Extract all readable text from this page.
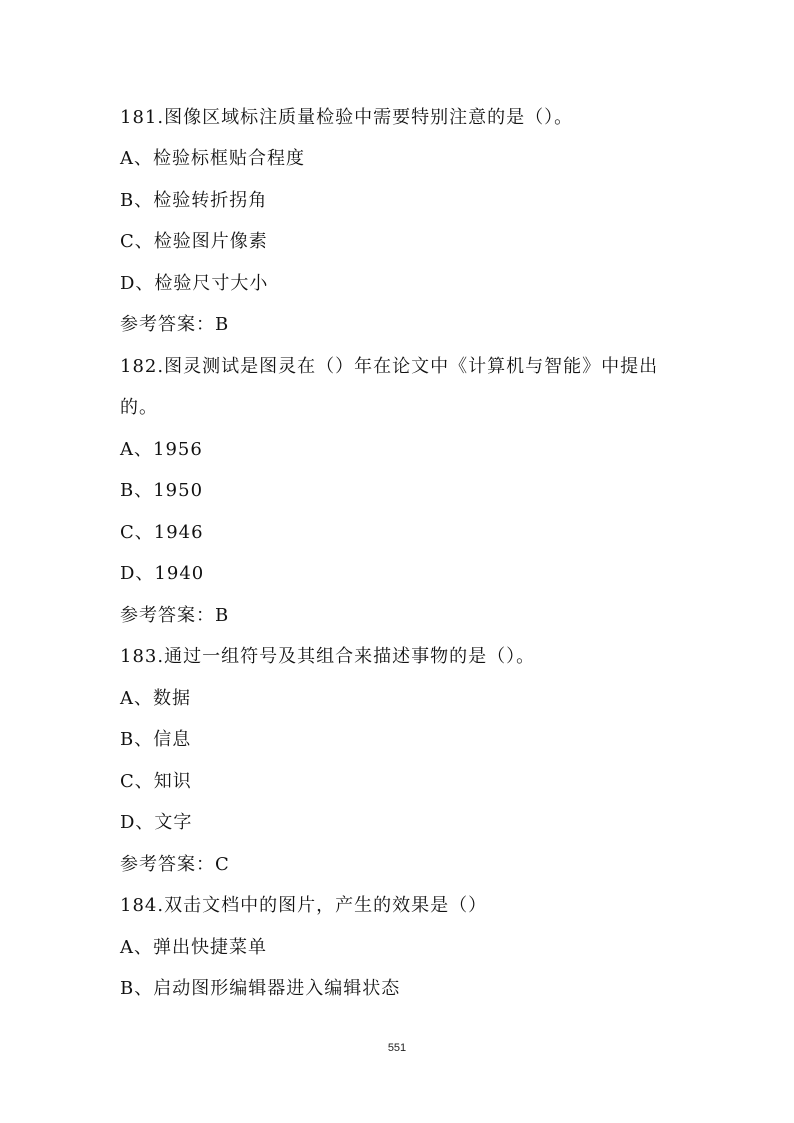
181.图像区域标注质量检验中需要特别注意的是（）。
A、检验标框贴合程度
B、检验转折拐角
C、检验图片像素
D、检验尺寸大小
参考答案：B
182.图灵测试是图灵在（）年在论文中《计算机与智能》中提出
的。
A、1956
B、1950
C、1946
D、1940
参考答案：B
183.通过一组符号及其组合来描述事物的是（）。
A、数据
B、信息
C、知识
D、文字
参考答案：C
184.双击文档中的图片，产生的效果是（）
A、弹出快捷菜单
B、启动图形编辑器进入编辑状态
551
